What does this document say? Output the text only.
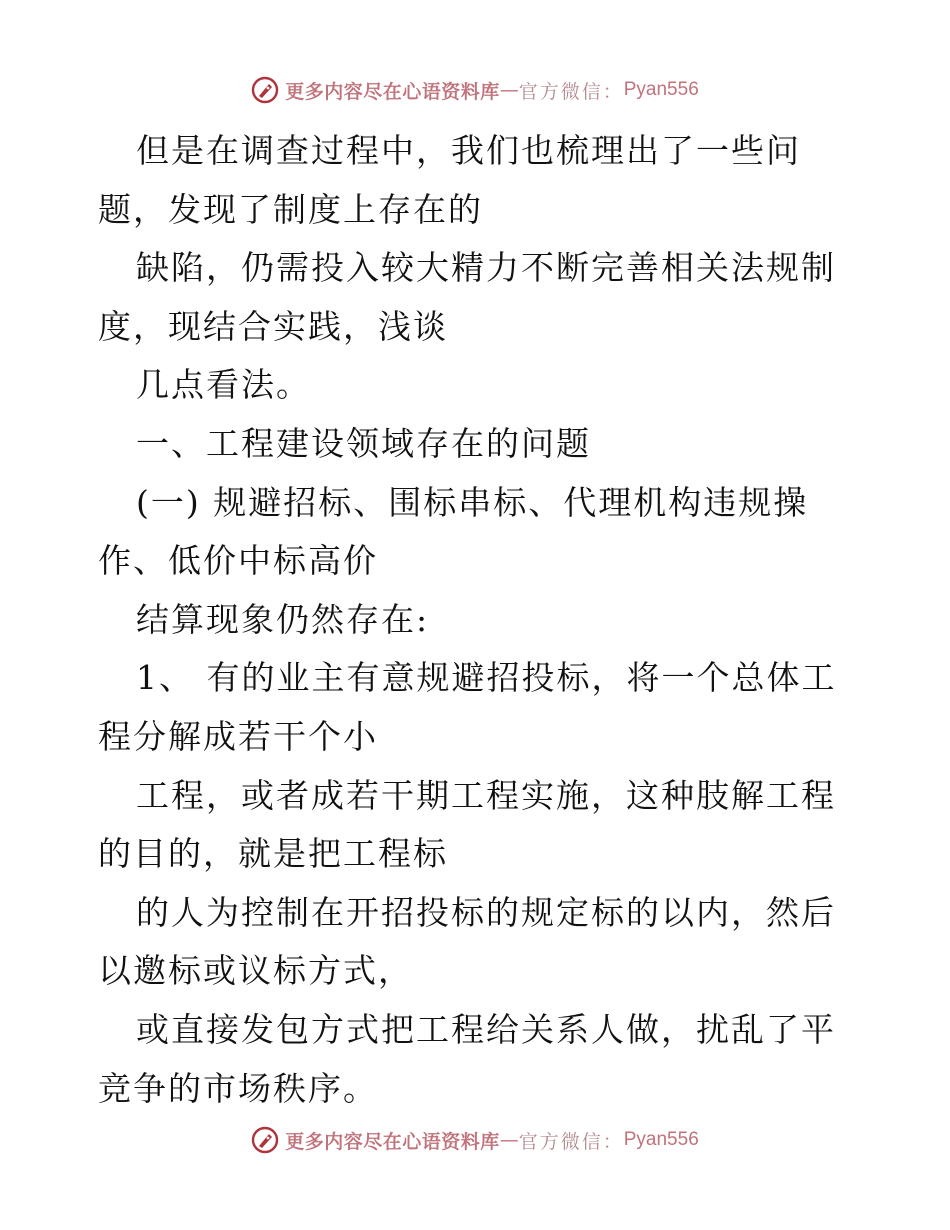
更多内容尽在心语资料库 — 官方微信： Pyan556

但是在调查过程中，我们也梳理出了一些问题，发现了制度上存在的

缺陷，仍需投入较大精力不断完善相关法规制度，现结合实践，浅谈

几点看法。

一、工程建设领域存在的问题

(一) 规避招标、围标串标、代理机构违规操作、低价中标高价

结算现象仍然存在:

1、 有的业主有意规避招投标，将一个总体工程分解成若干个小

工程，或者成若干期工程实施，这种肢解工程的目的，就是把工程标

的人为控制在开招投标的规定标的以内，然后以邀标或议标方式，

或直接发包方式把工程给关系人做，扰乱了平竞争的市场秩序。

更多内容尽在心语资料库 — 官方微信： Pyan556
